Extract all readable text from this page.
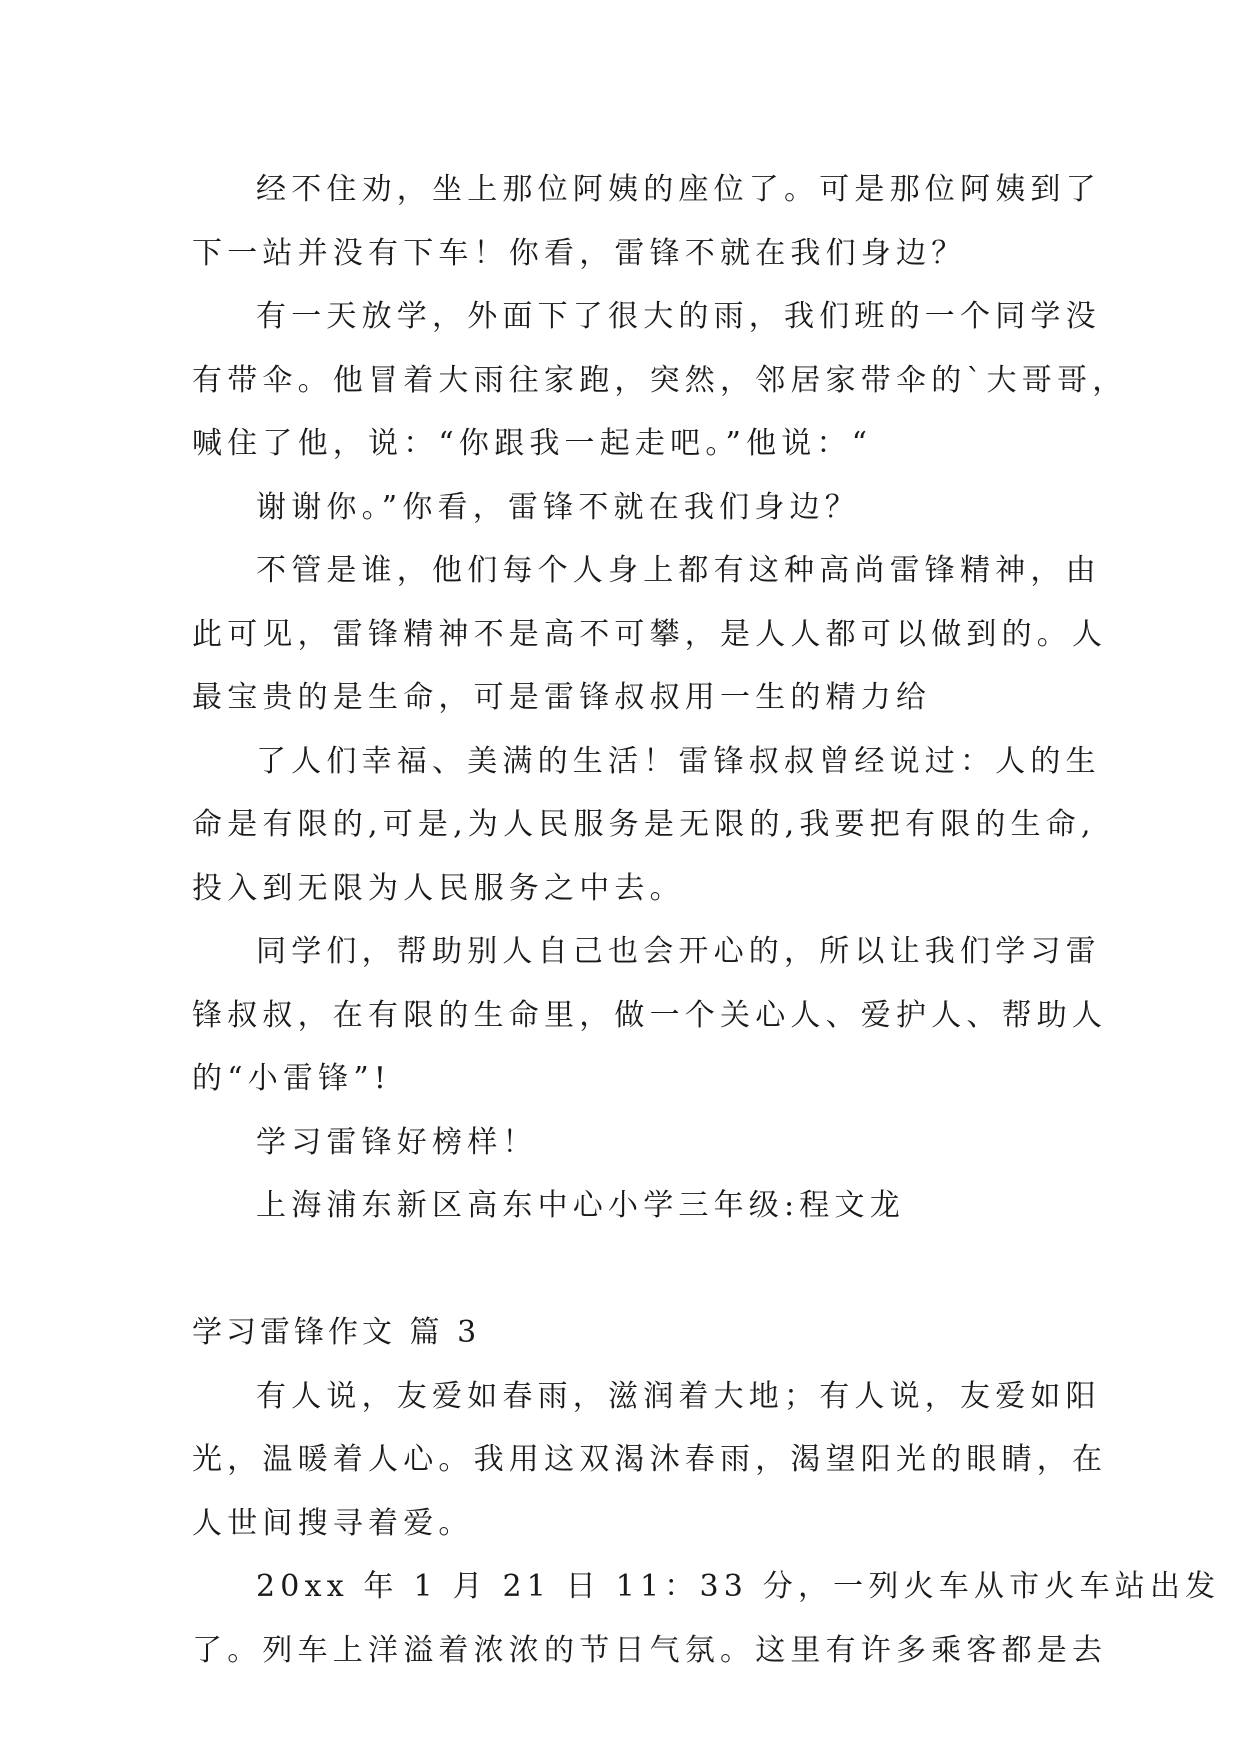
经不住劝，坐上那位阿姨的座位了。可是那位阿姨到了
下一站并没有下车！你看，雷锋不就在我们身边？
有一天放学，外面下了很大的雨，我们班的一个同学没
有带伞。他冒着大雨往家跑，突然，邻居家带伞的`大哥哥，
喊住了他，说：“你跟我一起走吧。”他说：“
谢谢你。”你看，雷锋不就在我们身边？
不管是谁，他们每个人身上都有这种高尚雷锋精神，由
此可见，雷锋精神不是高不可攀，是人人都可以做到的。人
最宝贵的是生命，可是雷锋叔叔用一生的精力给
了人们幸福、美满的生活！雷锋叔叔曾经说过：人的生
命是有限的,可是,为人民服务是无限的,我要把有限的生命,
投入到无限为人民服务之中去。
同学们，帮助别人自己也会开心的，所以让我们学习雷
锋叔叔，在有限的生命里，做一个关心人、爱护人、帮助人
的“小雷锋”!
学习雷锋好榜样！
上海浦东新区高东中心小学三年级:程文龙
学习雷锋作文 篇 3
有人说，友爱如春雨，滋润着大地；有人说，友爱如阳
光，温暖着人心。我用这双渴沐春雨，渴望阳光的眼睛，在
人世间搜寻着爱。
20xx 年 1 月 21 日 11：33 分，一列火车从市火车站出发
了。列车上洋溢着浓浓的节日气氛。这里有许多乘客都是去
